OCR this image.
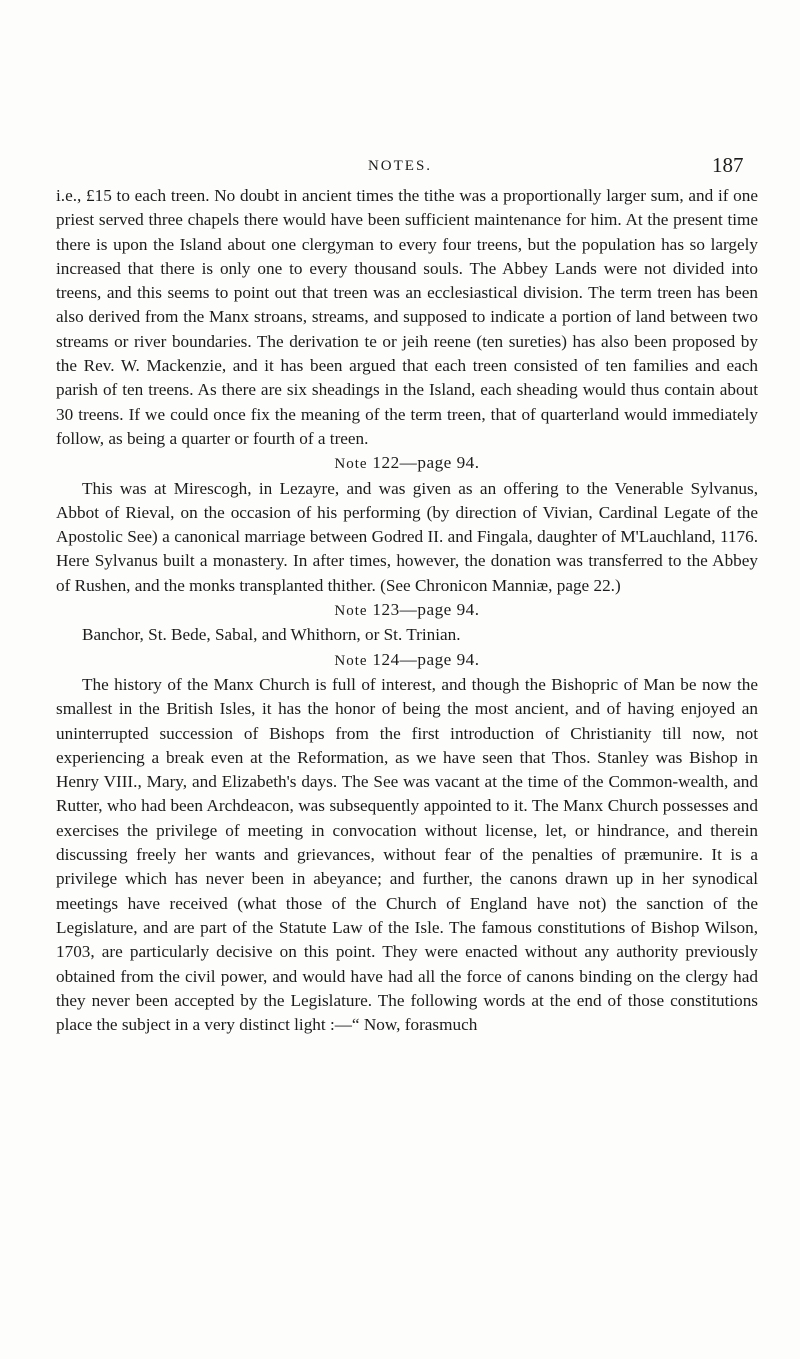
NOTES.	187

i.e., £15 to each treen. No doubt in ancient times the tithe was a proportionally larger sum, and if one priest served three chapels there would have been sufficient maintenance for him. At the present time there is upon the Island about one clergyman to every four treens, but the population has so largely increased that there is only one to every thousand souls. The Abbey Lands were not divided into treens, and this seems to point out that treen was an ecclesiastical division. The term treen has been also derived from the Manx stroans, streams, and supposed to indicate a portion of land between two streams or river boundaries. The derivation te or jeih reene (ten sureties) has also been proposed by the Rev. W. Mackenzie, and it has been argued that each treen consisted of ten families and each parish of ten treens. As there are six sheadings in the Island, each sheading would thus contain about 30 treens. If we could once fix the meaning of the term treen, that of quarterland would immediately follow, as being a quarter or fourth of a treen.

Note 122—page 94.

This was at Mirescogh, in Lezayre, and was given as an offering to the Venerable Sylvanus, Abbot of Rieval, on the occasion of his performing (by direction of Vivian, Cardinal Legate of the Apostolic See) a canonical marriage between Godred II. and Fingala, daughter of M'Lauchland, 1176. Here Sylvanus built a monastery. In after times, however, the donation was transferred to the Abbey of Rushen, and the monks transplanted thither. (See Chronicon Manniæ, page 22.)

Note 123—page 94.

Banchor, St. Bede, Sabal, and Whithorn, or St. Trinian.

Note 124—page 94.

The history of the Manx Church is full of interest, and though the Bishopric of Man be now the smallest in the British Isles, it has the honor of being the most ancient, and of having enjoyed an uninterrupted succession of Bishops from the first introduction of Christianity till now, not experiencing a break even at the Reformation, as we have seen that Thos. Stanley was Bishop in Henry VIII., Mary, and Elizabeth's days. The See was vacant at the time of the Common-wealth, and Rutter, who had been Archdeacon, was subsequently appointed to it. The Manx Church possesses and exercises the privilege of meeting in convocation without license, let, or hindrance, and therein discussing freely her wants and grievances, without fear of the penalties of præmunire. It is a privilege which has never been in abeyance; and further, the canons drawn up in her synodical meetings have received (what those of the Church of England have not) the sanction of the Legislature, and are part of the Statute Law of the Isle. The famous constitutions of Bishop Wilson, 1703, are particularly decisive on this point. They were enacted without any authority previously obtained from the civil power, and would have had all the force of canons binding on the clergy had they never been accepted by the Legislature. The following words at the end of those constitutions place the subject in a very distinct light :—“ Now, forasmuch
